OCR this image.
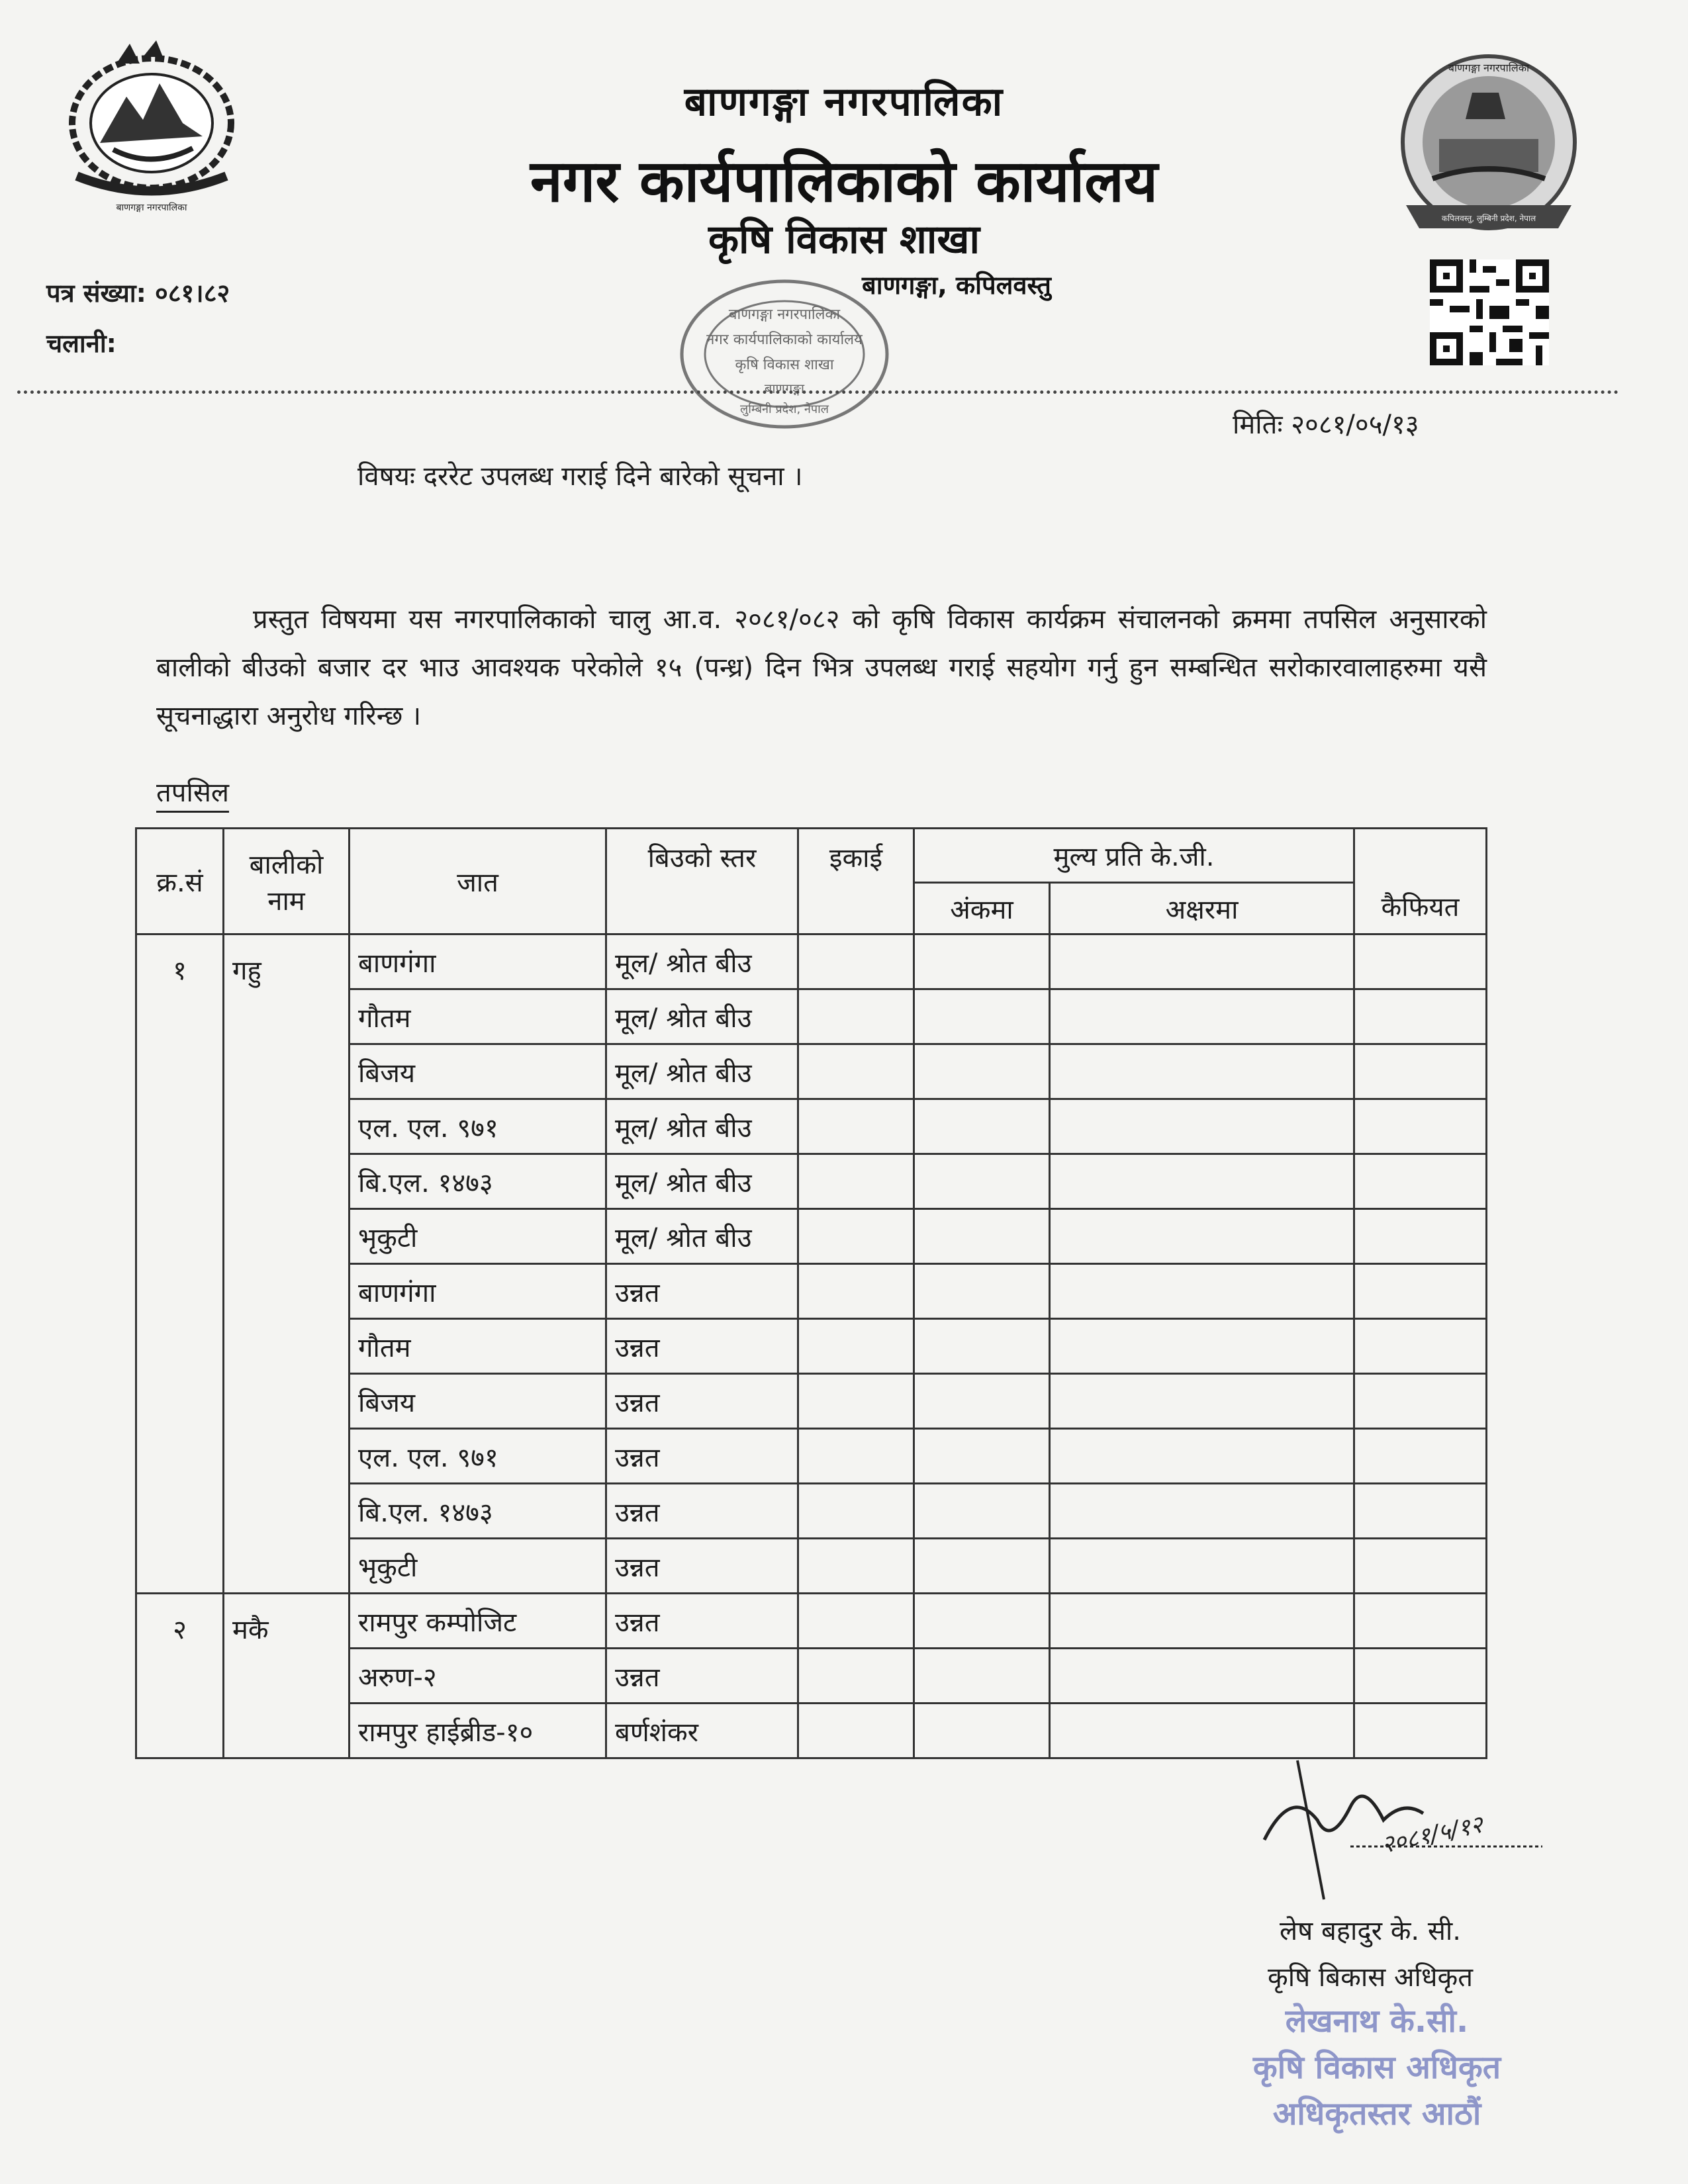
बाणगङ्गा नगरपालिका
बाणगङ्गा नगरपालिका
नगर कार्यपालिकाको कार्यालय
कृषि विकास शाखा
बाणगङ्गा, कपिलवस्तु
बाणगङ्गा नगरपालिका
कपिलवस्तु, लुम्बिनी प्रदेश, नेपाल
पत्र संख्या: ०८१।८२
चलानी:
बाणगङ्गा नगरपालिका
नगर कार्यपालिकाको कार्यालय
कृषि विकास शाखा
बाणगङ्गा
लुम्बिनी प्रदेश, नेपाल
मितिः २०८१/०५/१३
विषयः दररेट उपलब्ध गराई दिने बारेको सूचना ।
प्रस्तुत विषयमा यस नगरपालिकाको चालु आ.व. २०८१/०८२ को कृषि विकास कार्यक्रम संचालनको क्रममा तपसिल अनुसारको बालीको बीउको बजार दर भाउ आवश्यक परेकोले १५ (पन्ध्र) दिन भित्र उपलब्ध गराई सहयोग गर्नु हुन सम्बन्धित सरोकारवालाहरुमा यसै सूचनाद्धारा अनुरोध गरिन्छ ।
तपसिल
क्र.सं	बालीको नाम	जात	बिउको स्तर	इकाई	मुल्य प्रति के.जी.		कैफियत
					अंकमा	अक्षरमा	
१	गहु	बाणगंगा	मूल/ श्रोत बीउ				
		गौतम	मूल/ श्रोत बीउ				
		बिजय	मूल/ श्रोत बीउ				
		एल. एल. ९७१	मूल/ श्रोत बीउ				
		बि.एल. १४७३	मूल/ श्रोत बीउ				
		भृकुटी	मूल/ श्रोत बीउ				
		बाणगंगा	उन्नत				
		गौतम	उन्नत				
		बिजय	उन्नत				
		एल. एल. ९७१	उन्नत				
		बि.एल. १४७३	उन्नत				
		भृकुटी	उन्नत				
२	मकै	रामपुर कम्पोजिट	उन्नत				
		अरुण-२	उन्नत				
		रामपुर हाईब्रीड-१०	बर्णशंकर				
२०८१/५/१२
लेष बहादुर के. सी.
कृषि बिकास अधिकृत
लेखनाथ के.सी.
कृषि विकास अधिकृत
अधिकृतस्तर आठौं
